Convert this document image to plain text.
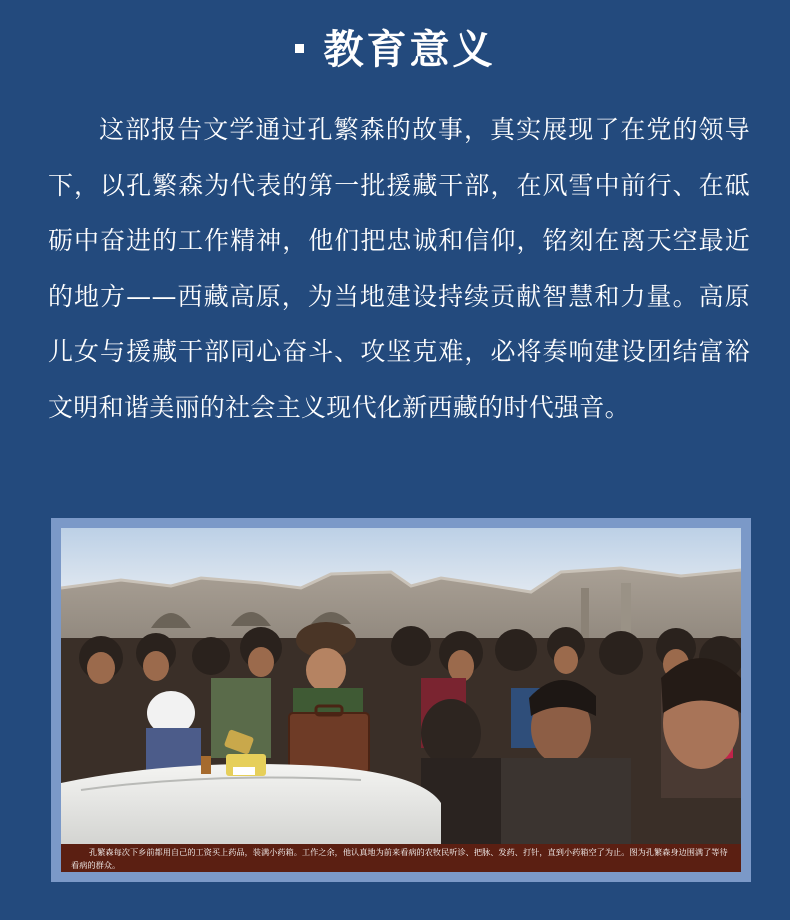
教育意义
这部报告文学通过孔繁森的故事，真实展现了在党的领导下，以孔繁森为代表的第一批援藏干部，在风雪中前行、在砥砺中奋进的工作精神，他们把忠诚和信仰，铭刻在离天空最近的地方——西藏高原，为当地建设持续贡献智慧和力量。高原儿女与援藏干部同心奋斗、攻坚克难，必将奏响建设团结富裕文明和谐美丽的社会主义现代化新西藏的时代强音。
孔繁森每次下乡前都用自己的工资买上药品，装满小药箱。工作之余，他认真地为前来看病的农牧民听诊、把脉、发药、打针，直到小药箱空了为止。图为孔繁森身边围满了等待看病的群众。
